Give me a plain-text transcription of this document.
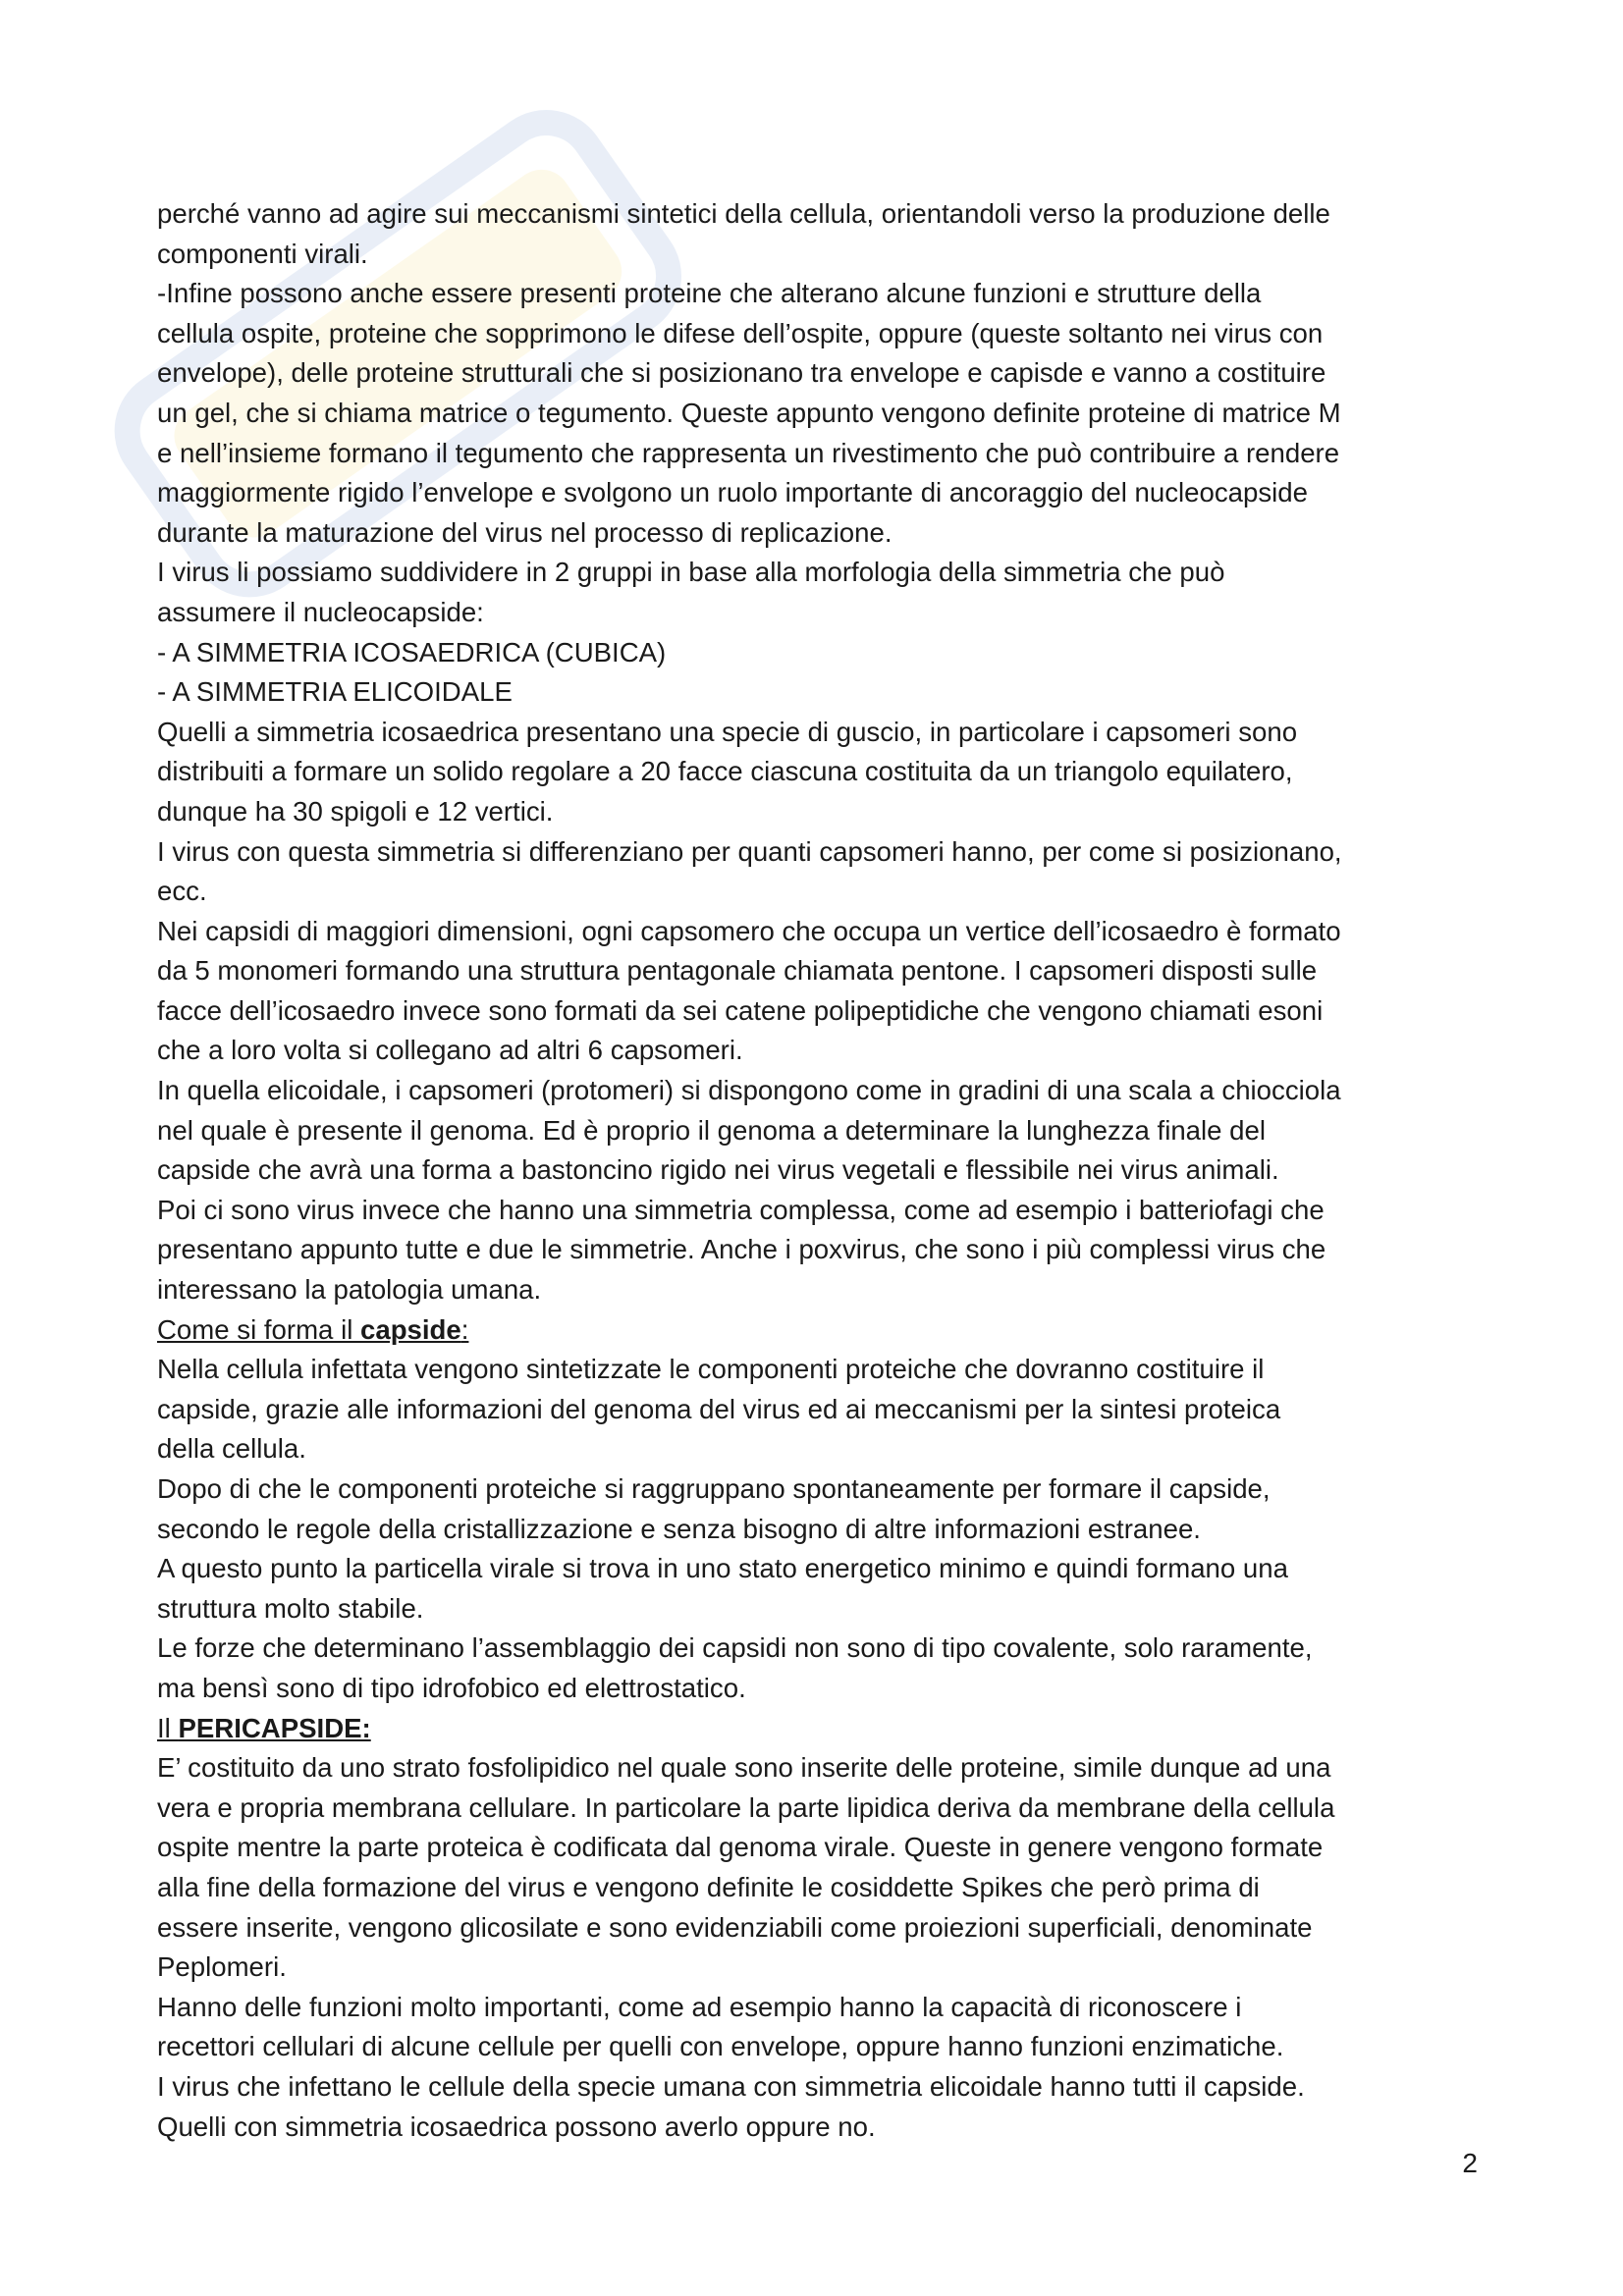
perché vanno ad agire sui meccanismi sintetici della cellula, orientandoli verso la produzione delle
componenti virali.
-Infine possono anche essere presenti proteine che alterano alcune funzioni e strutture della
cellula ospite, proteine che sopprimono le difese dell’ospite, oppure (queste soltanto nei virus con
envelope), delle proteine strutturali che si posizionano tra envelope e capisde e vanno a costituire
un gel, che si chiama matrice o tegumento. Queste appunto vengono definite proteine di matrice M
e nell’insieme formano il tegumento che rappresenta un rivestimento che può contribuire a rendere
maggiormente rigido l’envelope e svolgono un ruolo importante di ancoraggio del nucleocapside
durante la maturazione del virus nel processo di replicazione.
I virus li possiamo suddividere in 2 gruppi in base alla morfologia della simmetria che può
assumere il nucleocapside:
- A SIMMETRIA ICOSAEDRICA (CUBICA)
- A SIMMETRIA ELICOIDALE
Quelli a simmetria icosaedrica presentano una specie di guscio, in particolare i capsomeri sono
distribuiti a formare un solido regolare a 20 facce ciascuna costituita da un triangolo equilatero,
dunque ha 30 spigoli e 12 vertici.
I virus con questa simmetria si differenziano per quanti capsomeri hanno, per come si posizionano,
ecc.
Nei capsidi di maggiori dimensioni, ogni capsomero che occupa un vertice dell’icosaedro è formato
da 5 monomeri formando una struttura pentagonale chiamata pentone. I capsomeri disposti sulle
facce dell’icosaedro invece sono formati da sei catene polipeptidiche che vengono chiamati esoni
che a loro volta si collegano ad altri 6 capsomeri.
In quella elicoidale, i capsomeri (protomeri) si dispongono come in gradini di una scala a chiocciola
nel quale è presente il genoma. Ed è proprio il genoma a determinare la lunghezza finale del
capside che avrà una forma a bastoncino rigido nei virus vegetali e flessibile nei virus animali.
Poi ci sono virus invece che hanno una simmetria complessa, come ad esempio i batteriofagi che
presentano appunto tutte e due le simmetrie. Anche i poxvirus, che sono i più complessi virus che
interessano la patologia umana.
Come si forma il capside:
Nella cellula infettata vengono sintetizzate le componenti proteiche che dovranno costituire il
capside, grazie alle informazioni del genoma del virus ed ai meccanismi per la sintesi proteica
della cellula.
Dopo di che le componenti proteiche si raggruppano spontaneamente per formare il capside,
secondo le regole della cristallizzazione e senza bisogno di altre informazioni estranee.
A questo punto la particella virale si trova in uno stato energetico minimo e quindi formano una
struttura molto stabile.
Le forze che determinano l’assemblaggio dei capsidi non sono di tipo covalente, solo raramente,
ma bensì sono di tipo idrofobico ed elettrostatico.
Il PERICAPSIDE:
E’ costituito da uno strato fosfolipidico nel quale sono inserite delle proteine, simile dunque ad una
vera e propria membrana cellulare. In particolare la parte lipidica deriva da membrane della cellula
ospite mentre la parte proteica è codificata dal genoma virale. Queste in genere vengono formate
alla fine della formazione del virus e vengono definite le cosiddette Spikes che però prima di
essere inserite, vengono glicosilate e sono evidenziabili come proiezioni superficiali, denominate
Peplomeri.
Hanno delle funzioni molto importanti, come ad esempio hanno la capacità di riconoscere i
recettori cellulari di alcune cellule per quelli con envelope, oppure hanno funzioni enzimatiche.
I virus che infettano le cellule della specie umana con simmetria elicoidale hanno tutti il capside.
Quelli con simmetria icosaedrica possono averlo oppure no.
2
